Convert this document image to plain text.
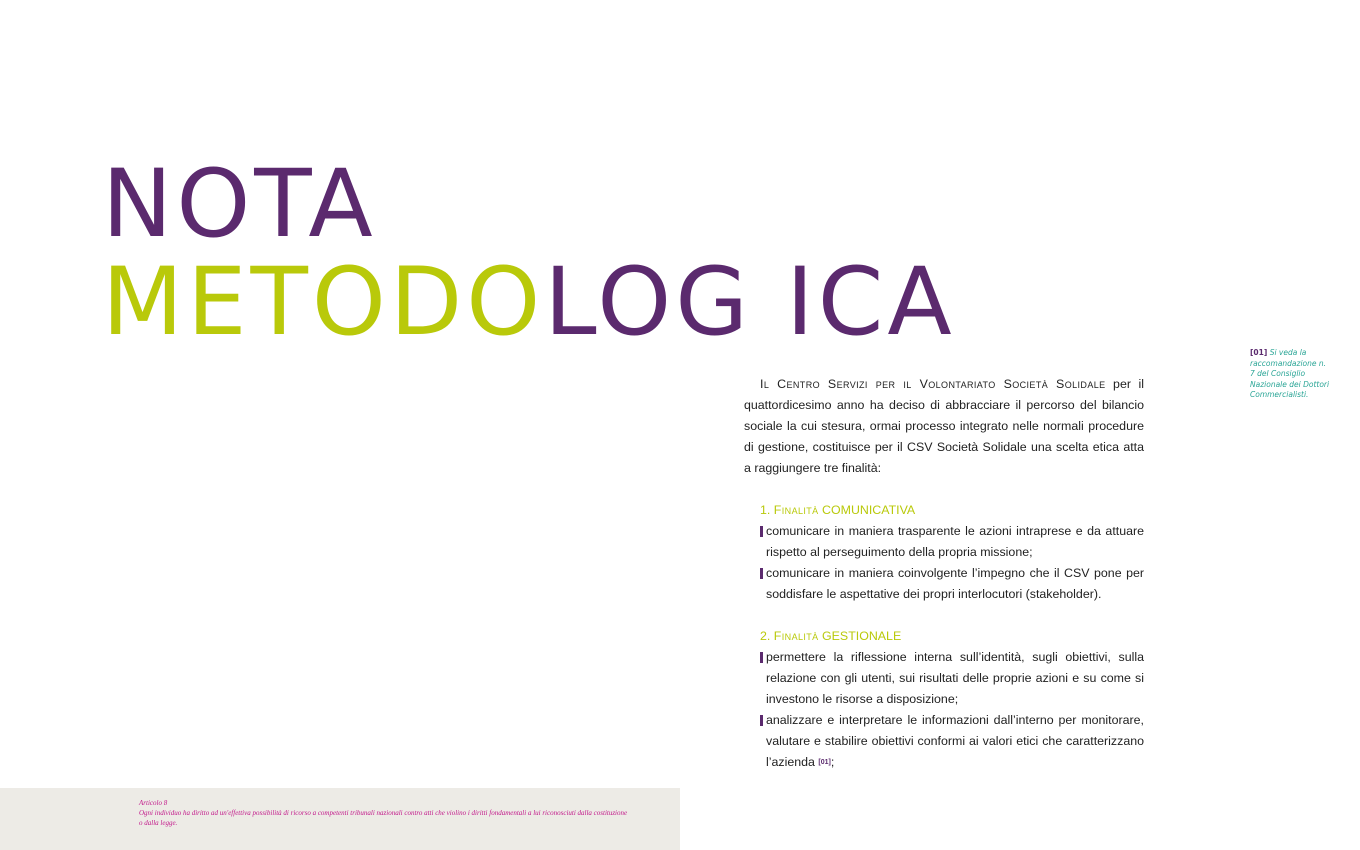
NOTA
METODOLOG ICA	[01] Si veda la raccomandazione n. 7 del Consiglio Nazionale dei Dottori Commercialisti.

Il Centro Servizi per il Volontariato Società Solidale per il quattordicesimo anno ha deciso di abbracciare il percorso del bilancio sociale la cui stesura, ormai processo integrato nelle normali procedure di gestione, costituisce per il CSV Società Solidale una scelta etica atta a raggiungere tre finalità:

1. Finalità COMUNICATIVA
comunicare in maniera trasparente le azioni intraprese e da attuare rispetto al perseguimento della propria missione;
comunicare in maniera coinvolgente l’impegno che il CSV pone per soddisfare le aspettative dei propri interlocutori (stakeholder).
2. Finalità GESTIONALE
permettere la riflessione interna sull’identità, sugli obiettivi, sulla relazione con gli utenti, sui risultati delle proprie azioni e su come si investono le risorse a disposizione;
analizzare e interpretare le informazioni dall’interno per monitorare, valutare e stabilire obiettivi conformi ai valori etici che caratterizzano l’azienda [01];
Articolo 8
Ogni individuo ha diritto ad un'effettiva possibilità di ricorso a competenti tribunali nazionali contro atti che violino i diritti fondamentali a lui riconosciuti dalla costituzione o dalla legge.
